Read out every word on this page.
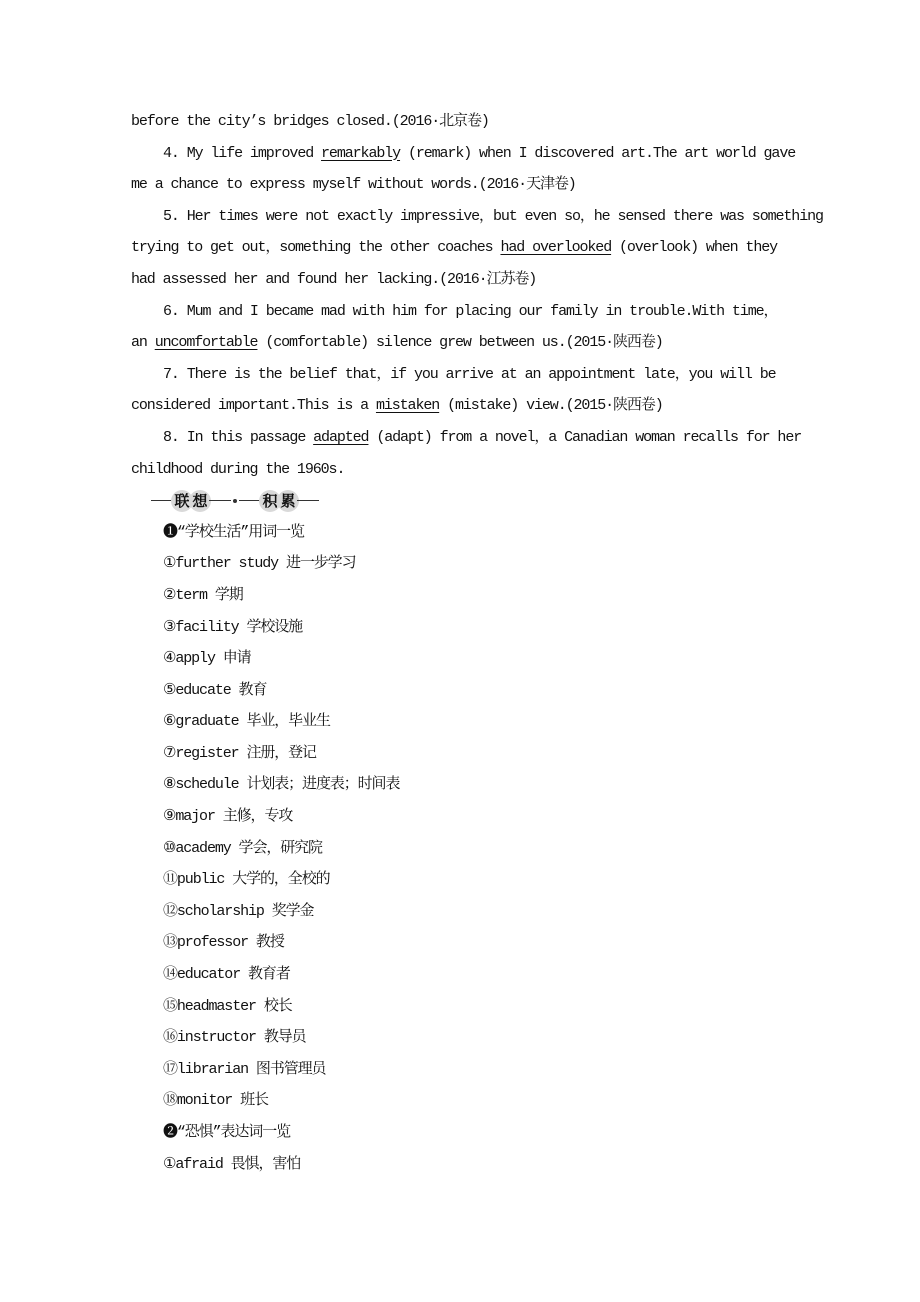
before the city’s bridges closed.(2016·北京卷)
4. My life improved remarkably (remark) when I discovered art.The art world gave
me a chance to express myself without words.(2016·天津卷)
5. Her times were not exactly impressive，but even so，he sensed there was something
trying to get out，something the other coaches had overlooked (overlook) when they
had assessed her and found her lacking.(2016·江苏卷)
6. Mum and I became mad with him for placing our family in trouble.With time，
an uncomfortable (comfortable) silence grew between us.(2015·陕西卷)
7. There is the belief that，if you arrive at an appointment late，you will be
considered important.This is a mistaken (mistake) view.(2015·陕西卷)
8. In this passage adapted (adapt) from a novel，a Canadian woman recalls for her
childhood during the 1960s.
联 想	积 累
❶“学校生活”用词一览
①further study 进一步学习
②term 学期
③facility 学校设施
④apply 申请
⑤educate 教育
⑥graduate 毕业，毕业生
⑦register 注册，登记
⑧schedule 计划表；进度表；时间表
⑨major 主修，专攻
⑩academy 学会，研究院
⑪public 大学的，全校的
⑫scholarship 奖学金
⑬professor 教授
⑭educator 教育者
⑮headmaster 校长
⑯instructor 教导员
⑰librarian 图书管理员
⑱monitor 班长
❷“恐惧”表达词一览
①afraid 畏惧，害怕
